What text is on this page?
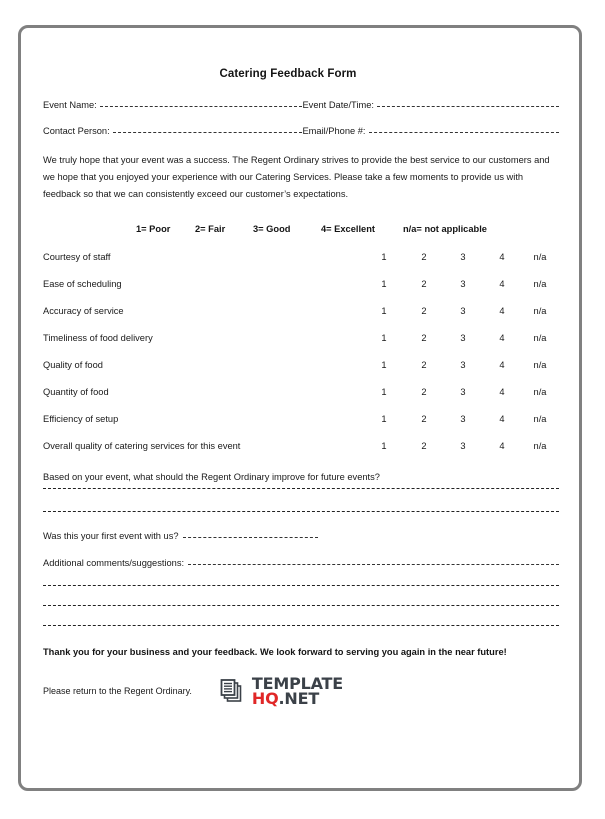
Catering Feedback Form
Event Name:	Event Date/Time:
Contact Person:	Email/Phone #:

We truly hope that your event was a success. The Regent Ordinary strives to provide the best service to our customers and we hope that you enjoyed your experience with our Catering Services. Please take a few moments to provide us with feedback so that we can consistently exceed our customer’s expectations.

1= Poor	2= Fair	3= Good	4= Excellent	n/a= not applicable
Courtesy of staff	1	2	3	4	n/a
Ease of scheduling	1	2	3	4	n/a
Accuracy of service	1	2	3	4	n/a
Timeliness of food delivery	1	2	3	4	n/a
Quality of food	1	2	3	4	n/a
Quantity of food	1	2	3	4	n/a
Efficiency of setup	1	2	3	4	n/a
Overall quality of catering services for this event	1	2	3	4	n/a

Based on your event, what should the Regent Ordinary improve for future events?

Was this your first event with us?
Additional comments/suggestions:

Thank you for your business and your feedback. We look forward to serving you again in the near future!

Please return to the Regent Ordinary.	TEMPLATE
HQ.NET
